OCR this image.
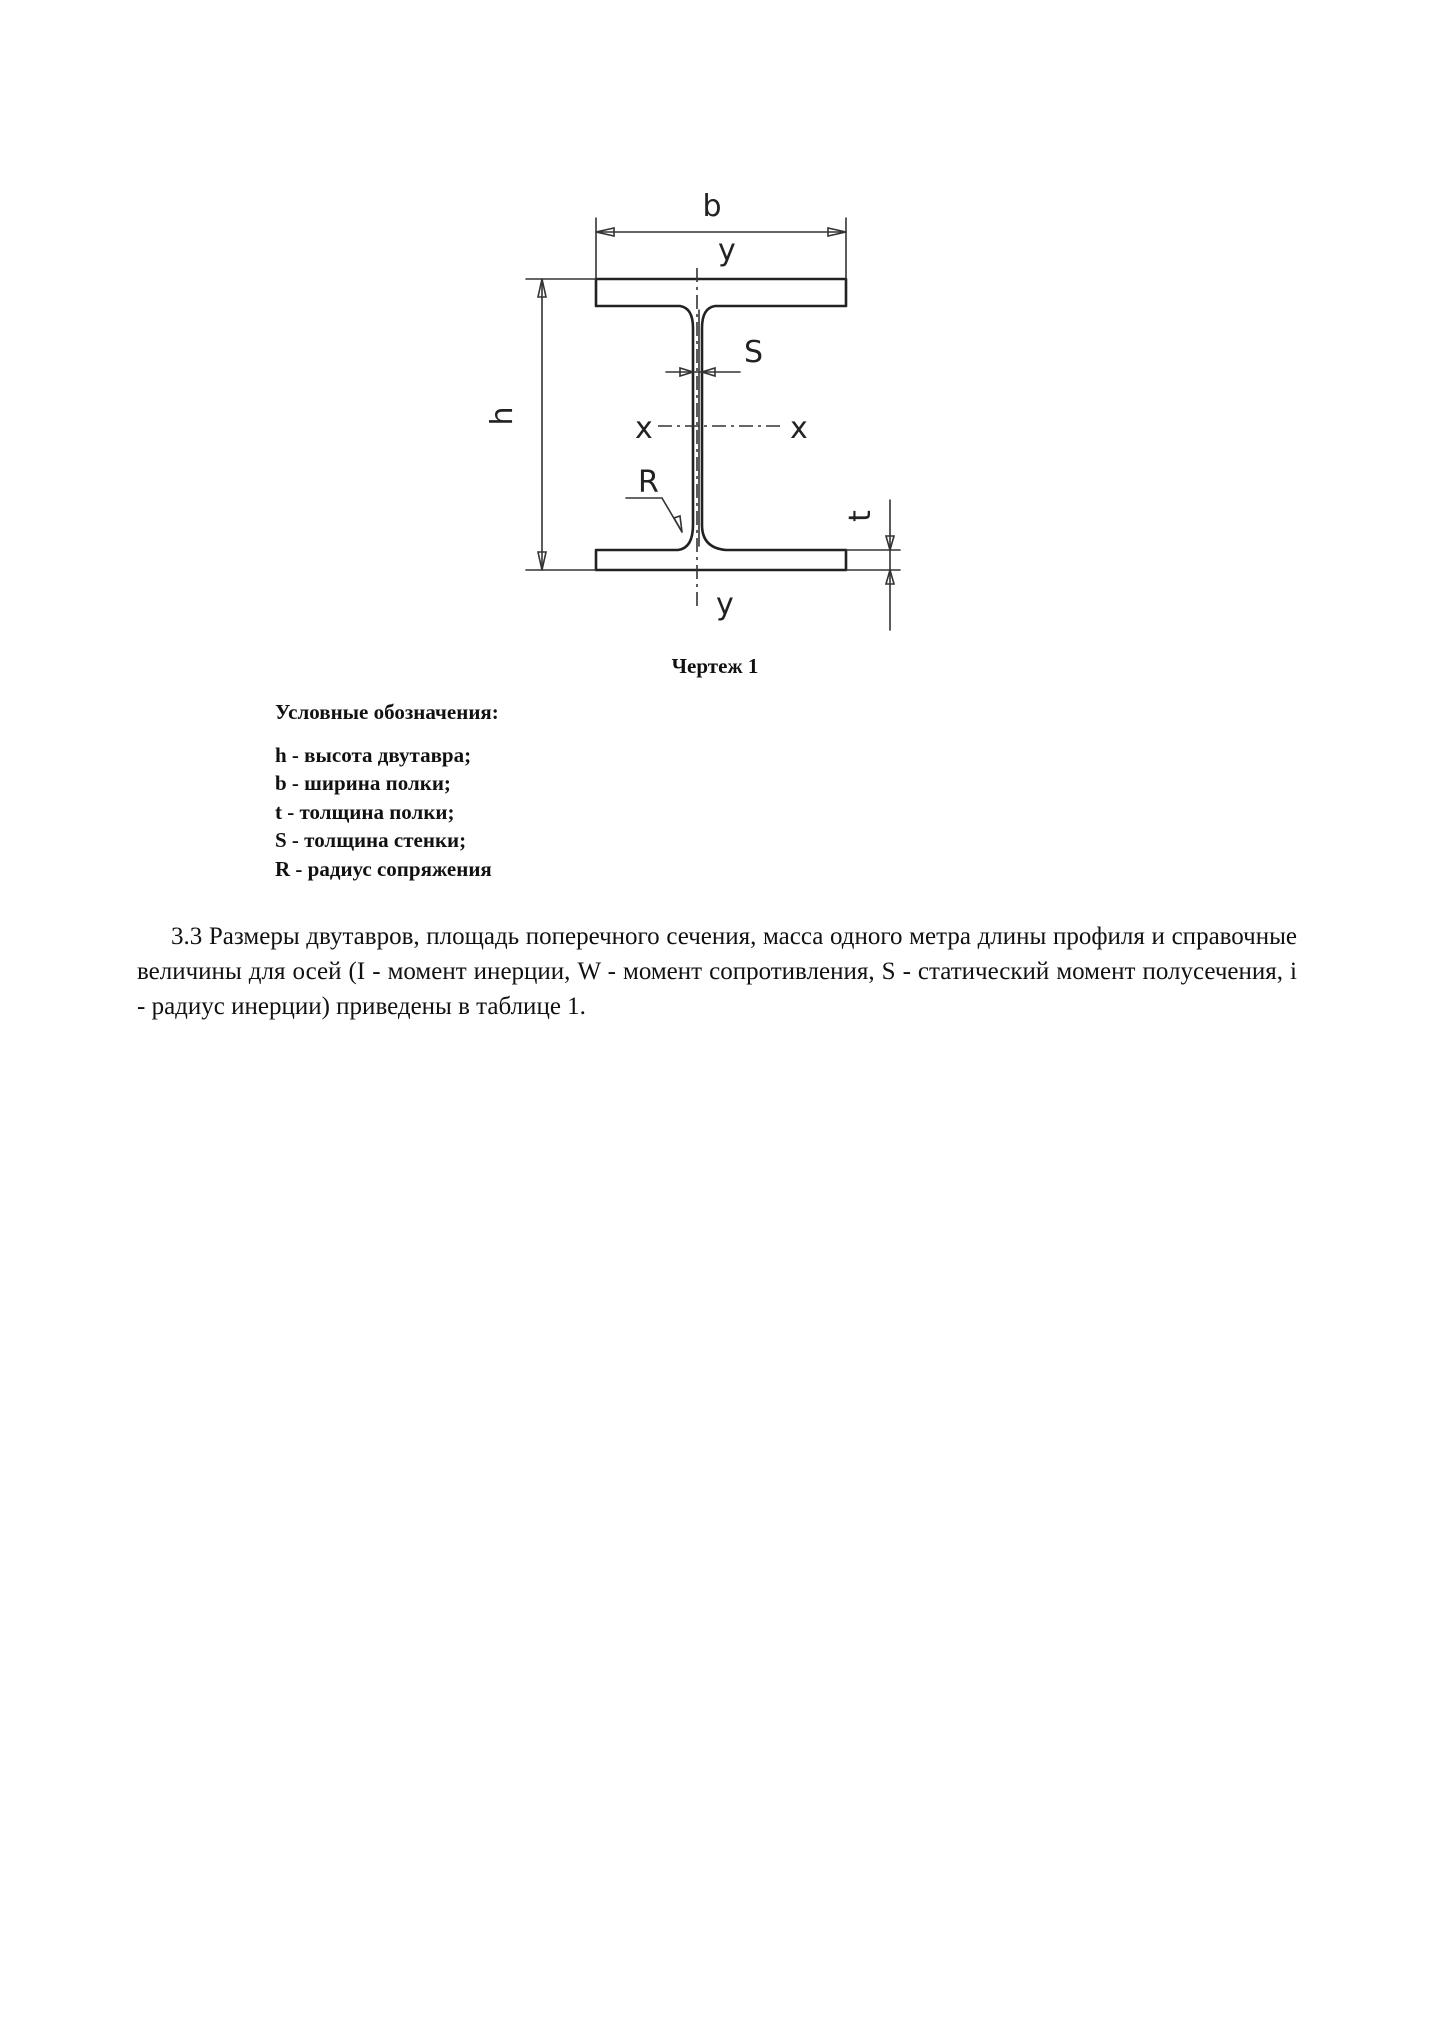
b
y
y
h
S
x	x
R
t
Чертеж 1
Условные обозначения:
h - высота двутавра;
b - ширина полки;
t - толщина полки;
S - толщина стенки;
R - радиус сопряжения

3.3 Размеры двутавров, площадь поперечного сечения, масса одного метра длины профиля и справочные величины для осей (I - момент инерции, W - момент сопротивления, S - статический момент полусечения, i - радиус инерции) приведены в таблице 1.
